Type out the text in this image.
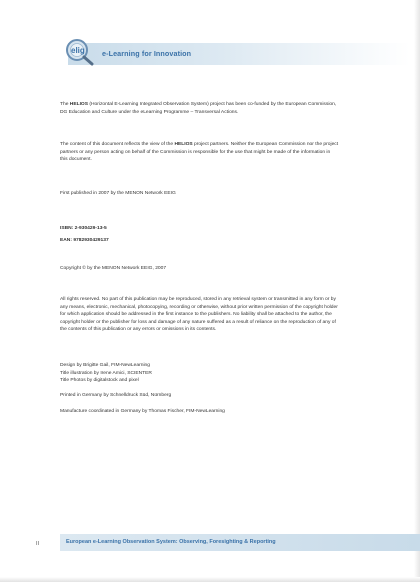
elig e-Learning for Innovation
The HELIOS (Horizontal E-Learning Integrated Observation System) project has been co-funded by the European Commission,
DG Education and Culture under the eLearning Programme – Transversal Actions.
The content of this document reflects the view of the HELIOS project partners. Neither the European Commission nor the project
partners or any person acting on behalf of the Commission is responsible for the use that might be made of the information in
this document.
First published in 2007 by the MENON Network EEIG
ISBN: 2-930429-13-5
EAN: 9782930429137
Copyright © by the MENON Network EEIG, 2007
All rights reserved. No part of this publication may be reproduced, stored in any retrieval system or transmitted in any form or by
any means, electronic, mechanical, photocopying, recording or otherwise, without prior written permission of the copyright holder
for which application should be addressed in the first instance to the publishers. No liability shall be attached to the author, the
copyright holder or the publisher for loss and damage of any nature suffered as a result of reliance on the reproduction of any of
the contents of this publication or any errors or omissions in its contents.
Design by Brigitte Gail, FIM-NewLearning
Title illustration by Irene Amici, SCIENTER
Title Photos by digitalstock and pixel
Printed in Germany by Schnelldruck Süd, Nürnberg
Manufacture coordinated in Germany by Thomas Fischer, FIM-NewLearning
II	European e-Learning Observation System: Observing, Foresighting & Reporting
